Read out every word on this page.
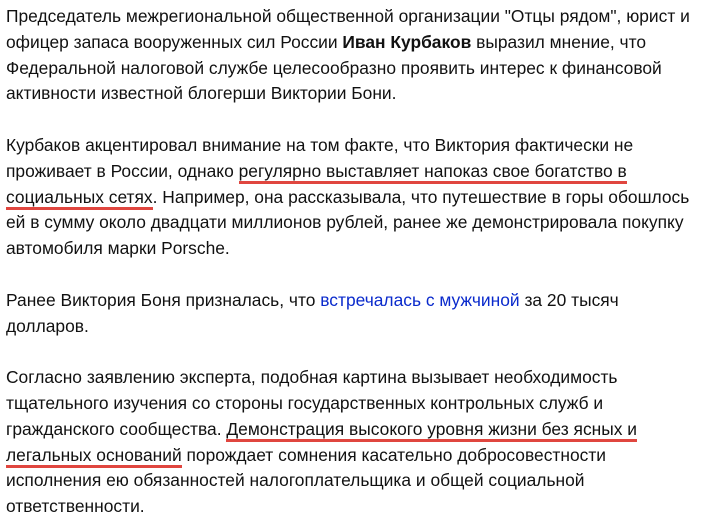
Председатель межрегиональной общественной организации "Отцы рядом", юрист и офицер запаса вооруженных сил России Иван Курбаков выразил мнение, что Федеральной налоговой службе целесообразно проявить интерес к финансовой активности известной блогерши Виктории Бони.

Курбаков акцентировал внимание на том факте, что Виктория фактически не проживает в России, однако регулярно выставляет напоказ свое богатство в социальных сетях. Например, она рассказывала, что путешествие в горы обошлось ей в сумму около двадцати миллионов рублей, ранее же демонстрировала покупку автомобиля марки Porsche.

Ранее Виктория Боня призналась, что встречалась с мужчиной за 20 тысяч долларов.

Согласно заявлению эксперта, подобная картина вызывает необходимость тщательного изучения со стороны государственных контрольных служб и гражданского сообщества. Демонстрация высокого уровня жизни без ясных и легальных оснований порождает сомнения касательно добросовестности исполнения ею обязанностей налогоплательщика и общей социальной ответственности.
